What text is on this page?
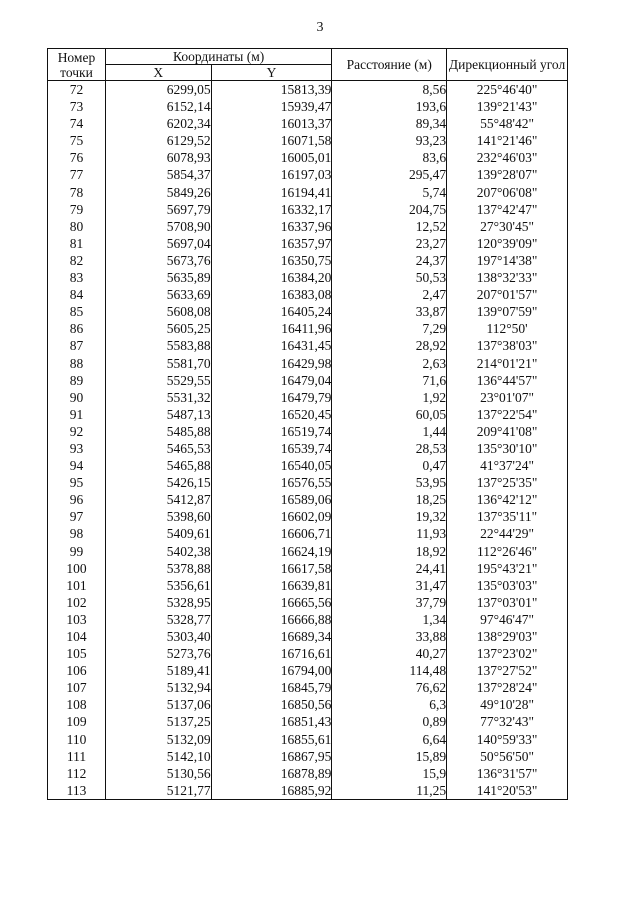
3
Номер точки	Координаты (м)		Расстояние (м)	Дирекционный угол
	X	Y		
72	6299,05	15813,39	8,56	225°46'40"
73	6152,14	15939,47	193,6	139°21'43"
74	6202,34	16013,37	89,34	55°48'42"
75	6129,52	16071,58	93,23	141°21'46"
76	6078,93	16005,01	83,6	232°46'03"
77	5854,37	16197,03	295,47	139°28'07"
78	5849,26	16194,41	5,74	207°06'08"
79	5697,79	16332,17	204,75	137°42'47"
80	5708,90	16337,96	12,52	27°30'45"
81	5697,04	16357,97	23,27	120°39'09"
82	5673,76	16350,75	24,37	197°14'38"
83	5635,89	16384,20	50,53	138°32'33"
84	5633,69	16383,08	2,47	207°01'57"
85	5608,08	16405,24	33,87	139°07'59"
86	5605,25	16411,96	7,29	112°50'
87	5583,88	16431,45	28,92	137°38'03"
88	5581,70	16429,98	2,63	214°01'21"
89	5529,55	16479,04	71,6	136°44'57"
90	5531,32	16479,79	1,92	23°01'07"
91	5487,13	16520,45	60,05	137°22'54"
92	5485,88	16519,74	1,44	209°41'08"
93	5465,53	16539,74	28,53	135°30'10"
94	5465,88	16540,05	0,47	41°37'24"
95	5426,15	16576,55	53,95	137°25'35"
96	5412,87	16589,06	18,25	136°42'12"
97	5398,60	16602,09	19,32	137°35'11"
98	5409,61	16606,71	11,93	22°44'29"
99	5402,38	16624,19	18,92	112°26'46"
100	5378,88	16617,58	24,41	195°43'21"
101	5356,61	16639,81	31,47	135°03'03"
102	5328,95	16665,56	37,79	137°03'01"
103	5328,77	16666,88	1,34	97°46'47"
104	5303,40	16689,34	33,88	138°29'03"
105	5273,76	16716,61	40,27	137°23'02"
106	5189,41	16794,00	114,48	137°27'52"
107	5132,94	16845,79	76,62	137°28'24"
108	5137,06	16850,56	6,3	49°10'28"
109	5137,25	16851,43	0,89	77°32'43"
110	5132,09	16855,61	6,64	140°59'33"
111	5142,10	16867,95	15,89	50°56'50"
112	5130,56	16878,89	15,9	136°31'57"
113	5121,77	16885,92	11,25	141°20'53"
